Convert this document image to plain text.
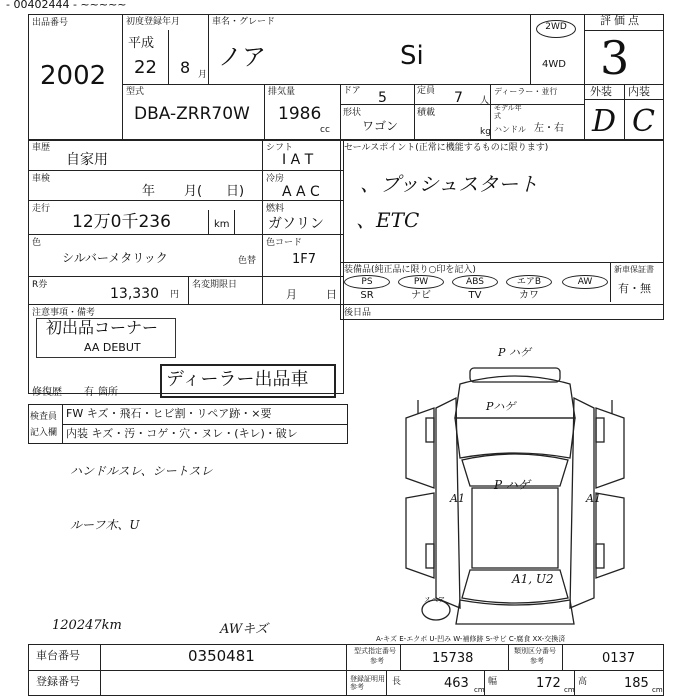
- 00402444 - ~~~~~
出品番号
2002
初度登録年月
平成
22 8 月
車名・グレード
ノア	Si
2WD
4WD
評価点
3
外装 内装
D C
型式
DBA-ZRR70W
排気量
1986
cc
ドア 5	定員 7 人
ディーラー・並行
形状
ワゴン
積載
kg
モデル年式
ハンドル 左・右
車歴
自家用
シフト
I A T
車検
年 月( 日)
冷房
A A C
走行
12万0千236	km
燃料
ガソリン
色
シルバーメタリック	色替
色コード
1F7
R券
13,330 円
名変期限日
月	日
注意事項・備考
初出品コーナー
AA DEBUT
ディーラー出品車
修復歴 有 箇所
セールスポイント(正常に機能するものに限ります)
、プッシュスタート
、ETC
装備品(純正品に限り○印を記入)	新車保証書
有・無
PS	PW	ABS	エアB	AW
SR	ナビ	TV	カワ
後日品
検査員
記入欄
FW キズ・飛石・ヒビ割・リペア跡・×要
内装 キズ・汚・コゲ・穴・ヌレ・(キレ)・破レ
ハンドルスレ、シートスレ
ルーフ木、U
120247km	AWキズ
P ハゲ
Pハゲ
A1	A1
P ハゲ
A1, U2
スペア
A-キズ E-エクボ U-凹み W-補修跡 S-サビ C-腐食 XX-交換済
車台番号	0350481
登録番号
型式指定番号
参考	15738	類別区分番号
参考	0137
登録証明用参考	長	463 cm
幅	172 cm
高	185 cm
